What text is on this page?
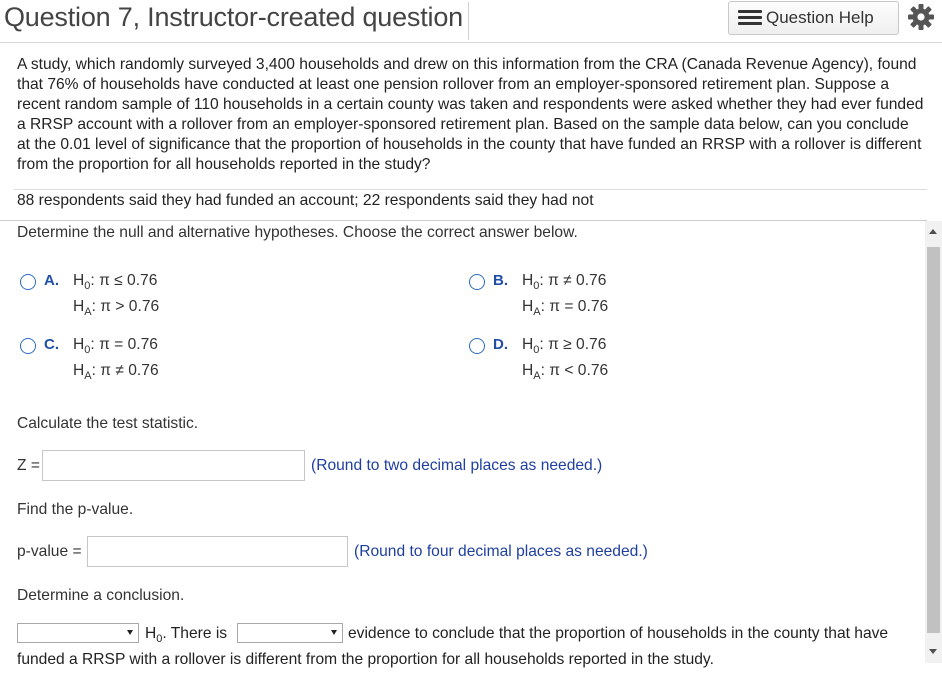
Question 7, Instructor-created question	Question Help
A study, which randomly surveyed 3,400 households and drew on this information from the CRA (Canada Revenue Agency), found that 76% of households have conducted at least one pension rollover from an employer-sponsored retirement plan. Suppose a recent random sample of 110 households in a certain county was taken and respondents were asked whether they had ever funded a RRSP account with a rollover from an employer-sponsored retirement plan. Based on the sample data below, can you conclude at the 0.01 level of significance that the proportion of households in the county that have funded an RRSP with a rollover is different from the proportion for all households reported in the study?
88 respondents said they had funded an account; 22 respondents said they had not
Determine the null and alternative hypotheses. Choose the correct answer below.
A. $H_0$: π ≤ 0.76
$H_A$: π > 0.76
B. $H_0$: π ≠ 0.76
$H_A$: π = 0.76
C. $H_0$: π = 0.76
$H_A$: π ≠ 0.76
D. $H_0$: π ≥ 0.76
$H_A$: π < 0.76
Calculate the test statistic.
Z =	(Round to two decimal places as needed.)
Find the p-value.
p-value =	(Round to four decimal places as needed.)
Determine a conclusion.
$H_0$. There is	evidence to conclude that the proportion of households in the county that have
funded a RRSP with a rollover is different from the proportion for all households reported in the study.
